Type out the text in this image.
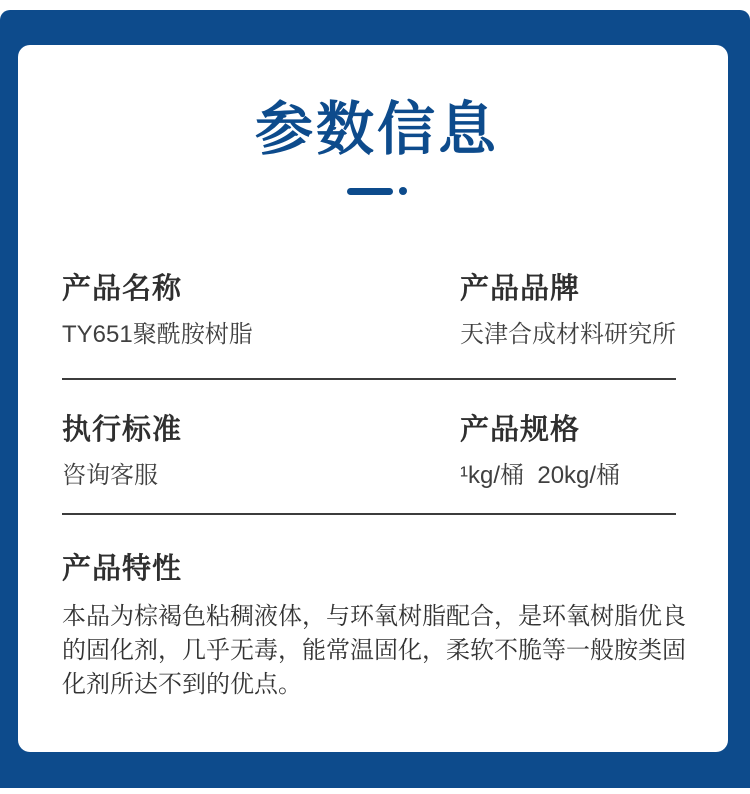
参数信息
产品名称
TY651聚酰胺树脂
产品品牌
天津合成材料研究所
执行标准
咨询客服
产品规格
¹kg/桶  20kg/桶
产品特性
本品为棕褐色粘稠液体，与环氧树脂配合，是环氧树脂优良的固化剂，几乎无毒，能常温固化，柔软不脆等一般胺类固化剂所达不到的优点。
